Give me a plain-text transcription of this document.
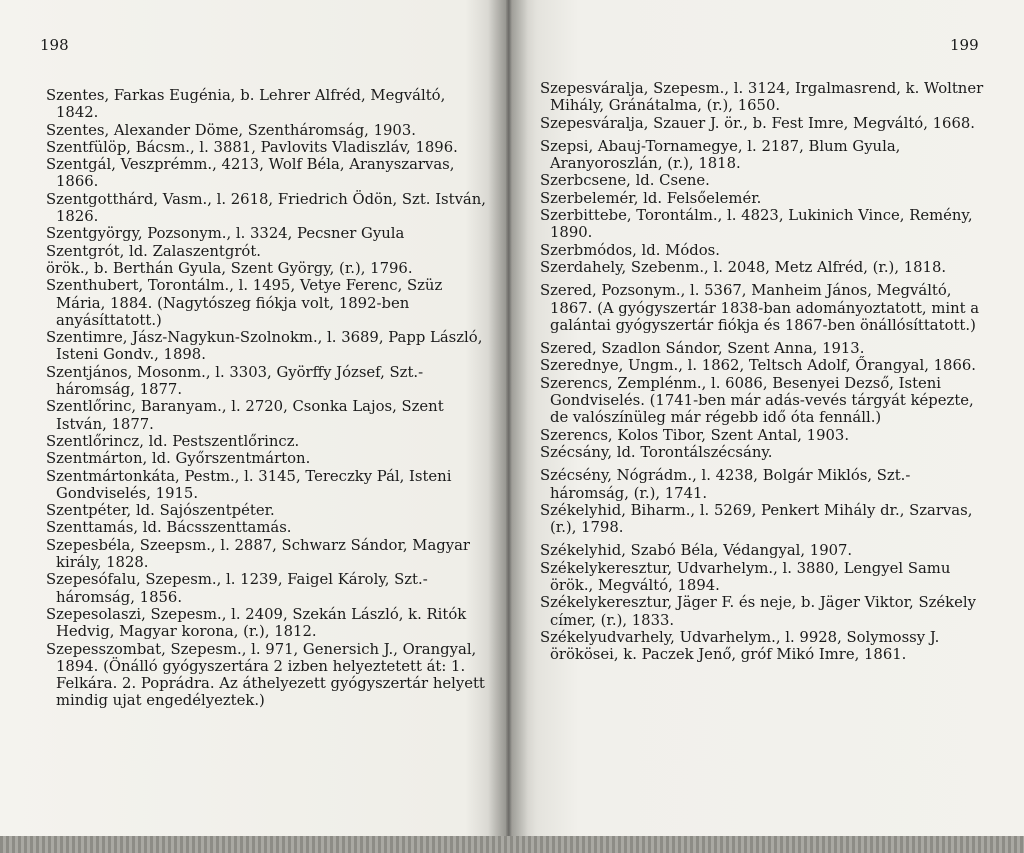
198
Szentes, Farkas Eugénia, b. Lehrer Alfréd, Megváltó, 1842.
Szentes, Alexander Döme, Szentháromság, 1903.
Szentfülöp, Bácsm., l. 3881, Pavlovits Vladiszláv, 1896.
Szentgál, Veszprémm., 4213, Wolf Béla, Aranyszarvas, 1866.
Szentgotthárd, Vasm., l. 2618, Friedrich Ödön, Szt. István, 1826.
Szentgyörgy, Pozsonym., l. 3324, Pecsner Gyula
Szentgrót, ld. Zalaszentgrót.
örök., b. Berthán Gyula, Szent György, (r.), 1796.
Szenthubert, Torontálm., l. 1495, Vetye Ferenc, Szüz Mária, 1884. (Nagytószeg fiókja volt, 1892-ben anyásíttatott.)
Szentimre, Jász-Nagykun-Szolnokm., l. 3689, Papp László, Isteni Gondv., 1898.
Szentjános, Mosonm., l. 3303, Györffy József, Szt.-háromság, 1877.
Szentlőrinc, Baranyam., l. 2720, Csonka Lajos, Szent István, 1877.
Szentlőrincz, ld. Pestszentlőrincz.
Szentmárton, ld. Győrszentmárton.
Szentmártonkáta, Pestm., l. 3145, Tereczky Pál, Isteni Gondviselés, 1915.
Szentpéter, ld. Sajószentpéter.
Szenttamás, ld. Bácsszenttamás.
Szepesbéla, Szeepsm., l. 2887, Schwarz Sándor, Magyar király, 1828.
Szepesófalu, Szepesm., l. 1239, Faigel Károly, Szt.-háromság, 1856.
Szepesolaszi, Szepesm., l. 2409, Szekán László, k. Ritók Hedvig, Magyar korona, (r.), 1812.
Szepesszombat, Szepesm., l. 971, Genersich J., Orangyal, 1894. (Önálló gyógyszertára 2 izben helyeztetett át: 1. Felkára. 2. Poprádra. Az áthelyezett gyógyszertár helyett mindig ujat engedélyeztek.)
199
Szepesváralja, Szepesm., l. 3124, Irgalmasrend, k. Woltner Mihály, Gránátalma, (r.), 1650.
Szepesváralja, Szauer J. ör., b. Fest Imre, Megváltó, 1668.
Szepsi, Abauj-Tornamegye, l. 2187, Blum Gyula, Aranyoroszlán, (r.), 1818.
Szerbcsene, ld. Csene.
Szerbelemér, ld. Felsőelemér.
Szerbittebe, Torontálm., l. 4823, Lukinich Vince, Remény, 1890.
Szerbmódos, ld. Módos.
Szerdahely, Szebenm., l. 2048, Metz Alfréd, (r.), 1818.
Szered, Pozsonym., l. 5367, Manheim János, Megváltó, 1867. (A gyógyszertár 1838-ban adományoztatott, mint a galántai gyógyszertár fiókja és 1867-ben önállósíttatott.)
Szered, Szadlon Sándor, Szent Anna, 1913.
Szerednye, Ungm., l. 1862, Teltsch Adolf, Őrangyal, 1866.
Szerencs, Zemplénm., l. 6086, Besenyei Dezső, Isteni Gondviselés. (1741-ben már adás-vevés tárgyát képezte, de valószínüleg már régebb idő óta fennáll.)
Szerencs, Kolos Tibor, Szent Antal, 1903.
Szécsány, ld. Torontálszécsány.
Szécsény, Nógrádm., l. 4238, Bolgár Miklós, Szt.-háromság, (r.), 1741.
Székelyhid, Biharm., l. 5269, Penkert Mihály dr., Szarvas, (r.), 1798.
Székelyhid, Szabó Béla, Védangyal, 1907.
Székelykeresztur, Udvarhelym., l. 3880, Lengyel Samu örök., Megváltó, 1894.
Székelykeresztur, Jäger F. és neje, b. Jäger Viktor, Székely címer, (r.), 1833.
Székelyudvarhely, Udvarhelym., l. 9928, Solymossy J. örökösei, k. Paczek Jenő, gróf Mikó Imre, 1861.
